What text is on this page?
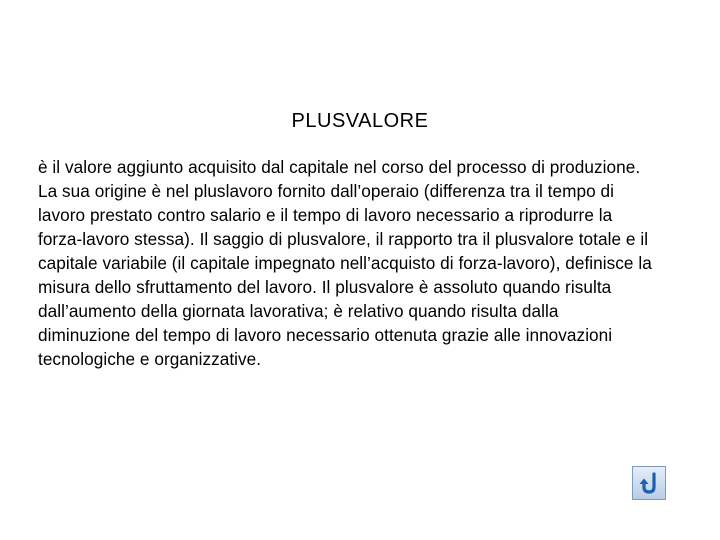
PLUSVALORE

è il valore aggiunto acquisito dal capitale nel corso del processo di produzione. La sua origine è nel pluslavoro fornito dall’operaio (differenza tra il tempo di lavoro prestato contro salario e il tempo di lavoro necessario a riprodurre la forza-lavoro stessa). Il saggio di plusvalore, il rapporto tra il plusvalore totale e il capitale variabile (il capitale impegnato nell’acquisto di forza-lavoro), definisce la misura dello sfruttamento del lavoro. Il plusvalore è assoluto quando risulta dall’aumento della giornata lavorativa; è relativo quando risulta dalla diminuzione del tempo di lavoro necessario ottenuta grazie alle innovazioni tecnologiche e organizzative.
